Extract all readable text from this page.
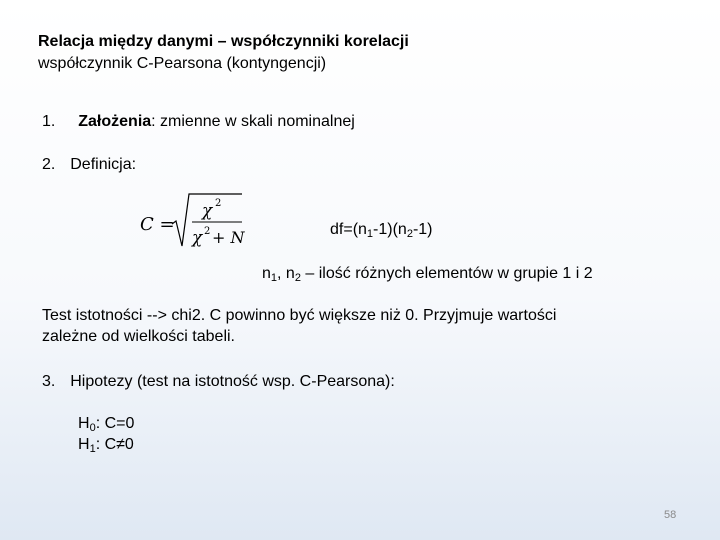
Relacja między danymi – współczynniki korelacji
współczynnik C-Pearsona (kontyngencji)
1. Założenia: zmienne w skali nominalnej
2. Definicja:
C =
χ 2
χ 2 + N	$df=(n_1-1)(n_2-1)$
$n_1$, $n_2$ – ilość różnych elementów w grupie 1 i 2
Test istotności --> chi2. C powinno być większe niż 0. Przyjmuje wartości
zależne od wielkości tabeli.
3. Hipotezy (test na istotność wsp. C-Pearsona):
$H_0$: C=0
$H_1$: C≠0
58
